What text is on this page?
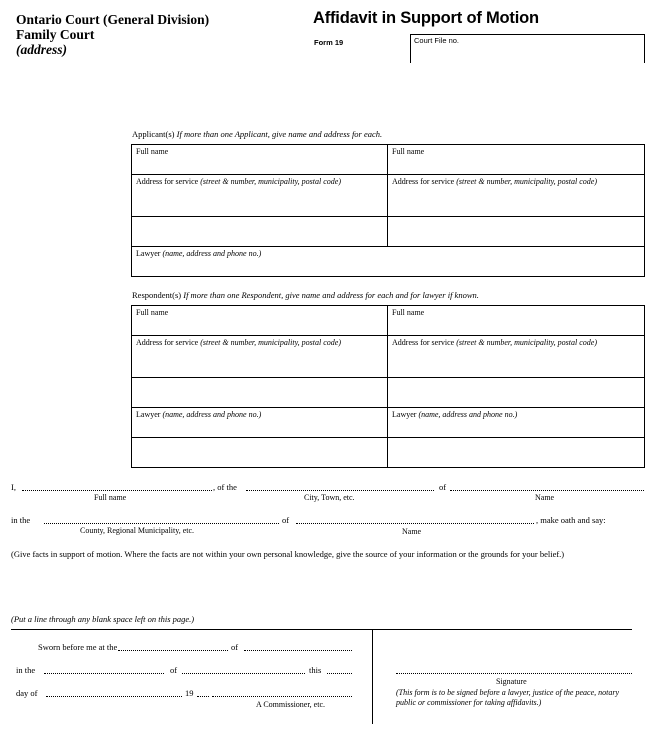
Ontario Court (General Division)
Family Court
(address)
Affidavit in Support of Motion
Form 19	Court File no.
Applicant(s) If more than one Applicant, give name and address for each.
Full name	Full name
Address for service (street & number, municipality, postal code)	Address for service (street & number, municipality, postal code)

Lawyer (name, address and phone no.)	
Respondent(s) If more than one Respondent, give name and address for each and for lawyer if known.
Full name	Full name
Address for service (street & number, municipality, postal code)	Address for service (street & number, municipality, postal code)

Lawyer (name, address and phone no.)	Lawyer (name, address and phone no.)

I,	, of the	of
Full name	City, Town, etc.	Name
in the	of	, make oath and say:
County, Regional Municipality, etc.	Name
(Give facts in support of motion. Where the facts are not within your own personal knowledge, give the source of your information or the grounds for your belief.)
(Put a line through any blank space left on this page.)
Sworn before me at the	of
in the	of	this
day of	19
A Commissioner, etc.
Signature
(This form is to be signed before a lawyer, justice of the peace, notary public or commissioner for taking affidavits.)
